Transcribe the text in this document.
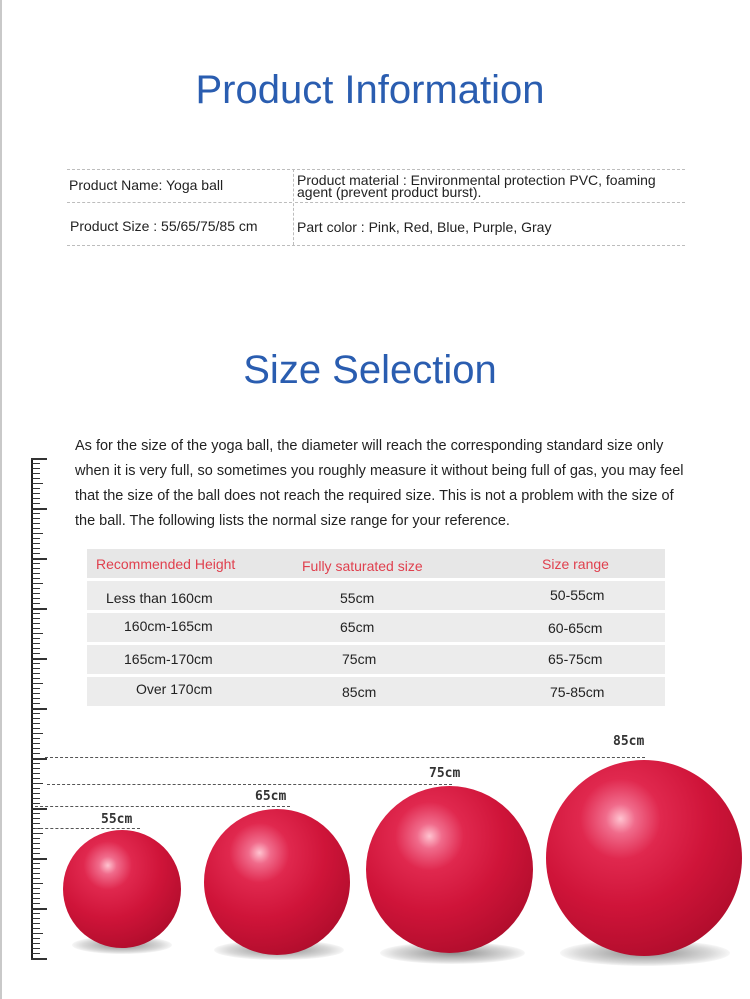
Product Information
Product Name: Yoga ball	Product material : Environmental protection PVC, foaming
agent (prevent product burst).
Product Size : 55/65/75/85 cm	Part color : Pink, Red, Blue, Purple, Gray
Size Selection
As for the size of the yoga ball, the diameter will reach the corresponding standard size only
when it is very full, so sometimes you roughly measure it without being full of gas, you may feel
that the size of the ball does not reach the required size. This is not a problem with the size of
the ball. The following lists the normal size range for your reference.
Recommended Height	Fully saturated size	Size range
Less than 160cm	55cm	50-55cm
160cm-165cm	65cm	60-65cm
165cm-170cm	75cm	65-75cm
Over 170cm	85cm	75-85cm
55cm
65cm
75cm
85cm
